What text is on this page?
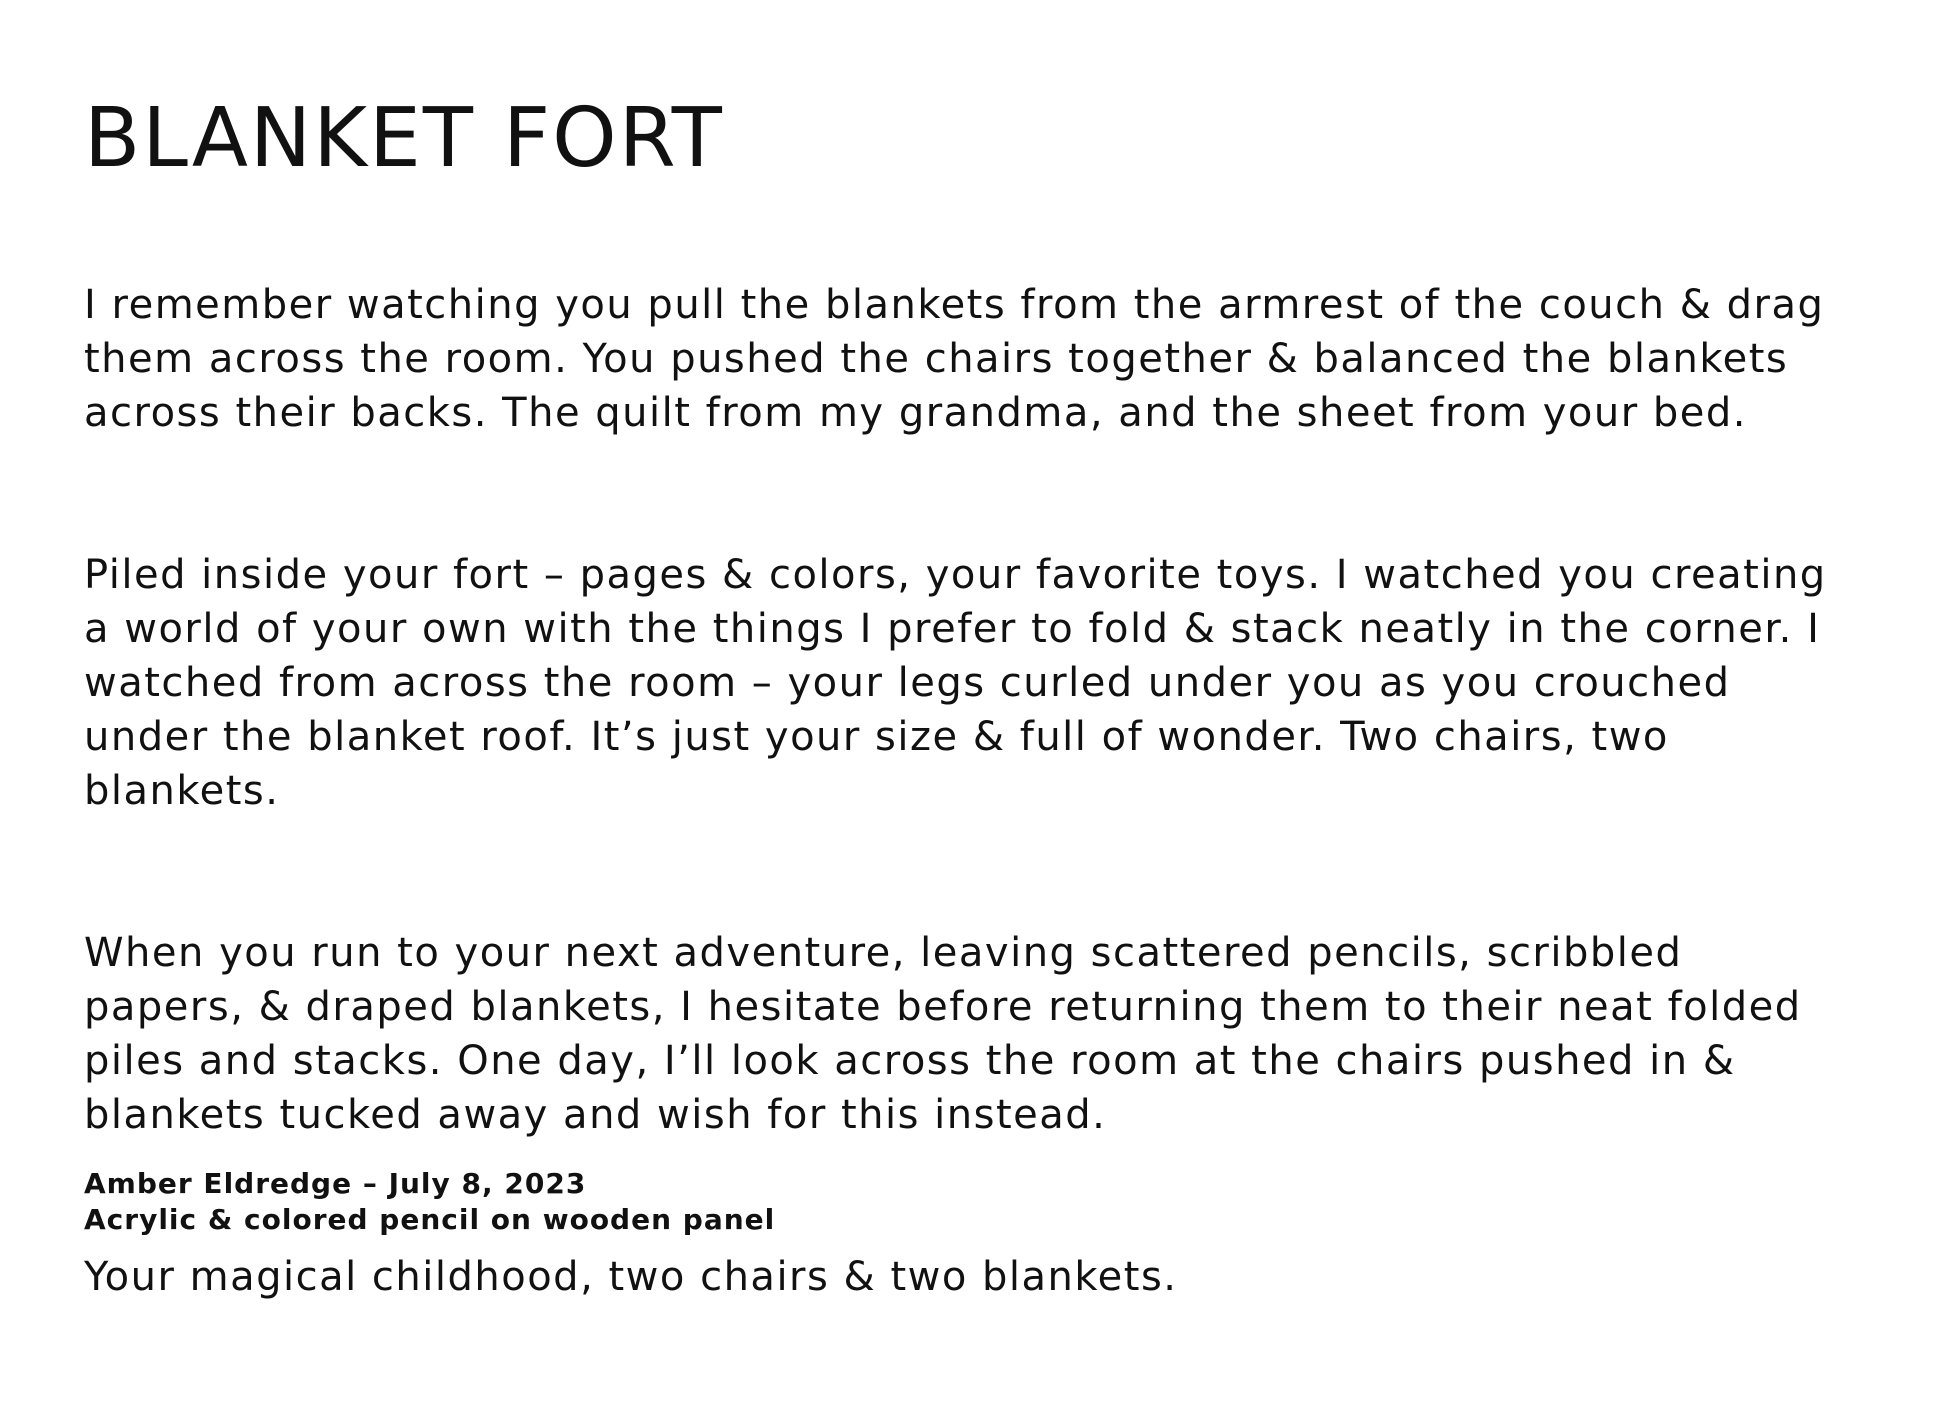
BLANKET FORT

I remember watching you pull the blankets from the armrest of the couch & drag
them across the room. You pushed the chairs together & balanced the blankets
across their backs. The quilt from my grandma, and the sheet from your bed.

Piled inside your fort – pages & colors, your favorite toys. I watched you creating
a world of your own with the things I prefer to fold & stack neatly in the corner. I
watched from across the room – your legs curled under you as you crouched
under the blanket roof. It’s just your size & full of wonder. Two chairs, two
blankets.

When you run to your next adventure, leaving scattered pencils, scribbled
papers, & draped blankets, I hesitate before returning them to their neat folded
piles and stacks. One day, I’ll look across the room at the chairs pushed in &
blankets tucked away and wish for this instead.

Your magical childhood, two chairs & two blankets.

Amber Eldredge – July 8, 2023
Acrylic & colored pencil on wooden panel
